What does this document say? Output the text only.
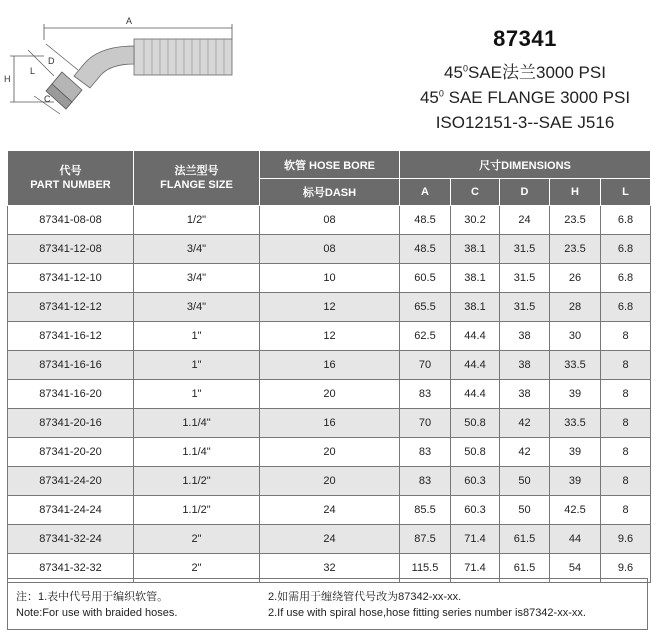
A
H
L
D
C
87341
$45^0SAE$法兰3000 PSI
$45^0$ SAE FLANGE 3000 PSI
ISO12151-3--SAE J516
代号
PART NUMBER	法兰型号
FLANGE SIZE	软管 HOSE BORE	尺寸DIMENSIONS				
		标号DASH	A	C	D	H	L
87341-08-08	1/2"	08	48.5	30.2	24	23.5	6.8
87341-12-08	3/4"	08	48.5	38.1	31.5	23.5	6.8
87341-12-10	3/4"	10	60.5	38.1	31.5	26	6.8
87341-12-12	3/4"	12	65.5	38.1	31.5	28	6.8
87341-16-12	1"	12	62.5	44.4	38	30	8
87341-16-16	1"	16	70	44.4	38	33.5	8
87341-16-20	1"	20	83	44.4	38	39	8
87341-20-16	1.1/4"	16	70	50.8	42	33.5	8
87341-20-20	1.1/4"	20	83	50.8	42	39	8
87341-24-20	1.1/2"	20	83	60.3	50	39	8
87341-24-24	1.1/2"	24	85.5	60.3	50	42.5	8
87341-32-24	2"	24	87.5	71.4	61.5	44	9.6
87341-32-32	2"	32	115.5	71.4	61.5	54	9.6
注：1.表中代号用于编织软管。
Note:For use with braided hoses.
2.如需用于缠绕管代号改为87342-xx-xx.
2.If use with spiral hose,hose fitting series number is87342-xx-xx.
